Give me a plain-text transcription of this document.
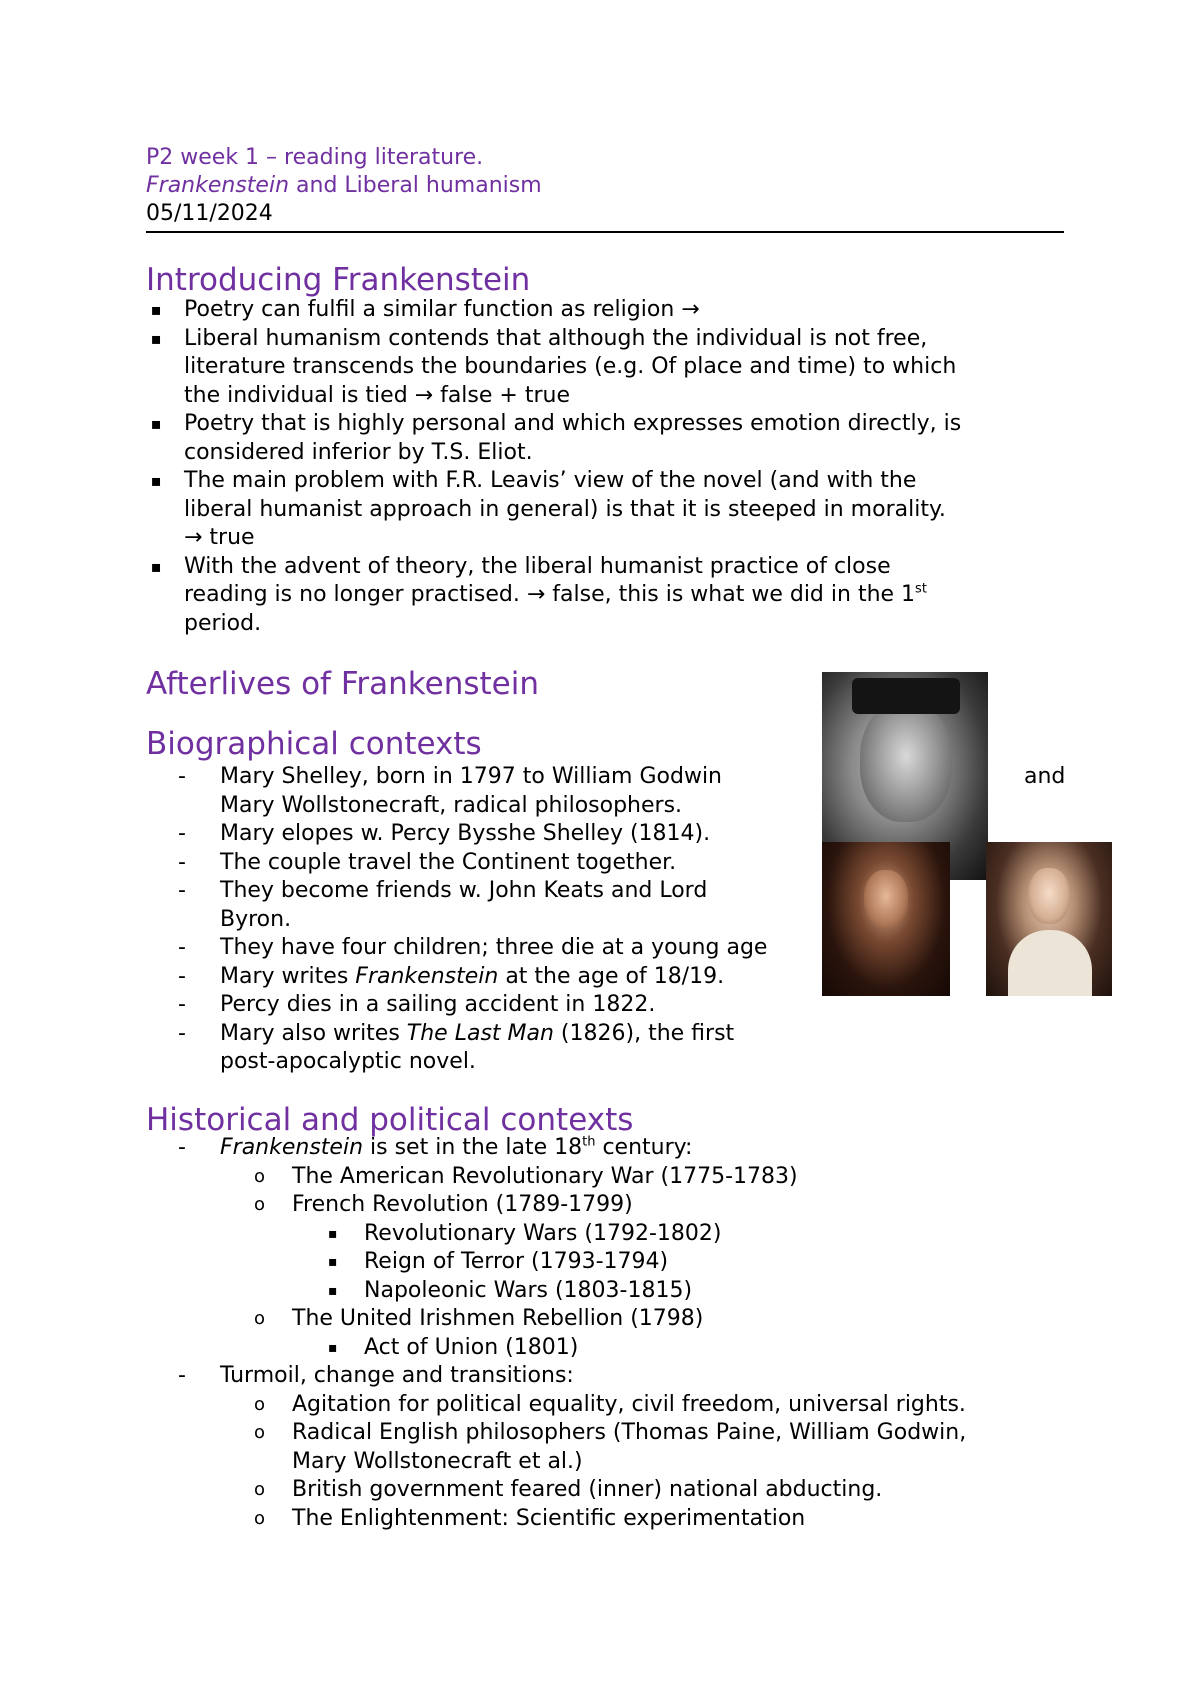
P2 week 1 – reading literature.
Frankenstein and Liberal humanism
05/11/2024
Introducing Frankenstein
▪ Poetry can fulfil a similar function as religion →
▪ Liberal humanism contends that although the individual is not free,
literature transcends the boundaries (e.g. Of place and time) to which
the individual is tied → false + true
▪ Poetry that is highly personal and which expresses emotion directly, is
considered inferior by T.S. Eliot.
▪ The main problem with F.R. Leavis’ view of the novel (and with the
liberal humanist approach in general) is that it is steeped in morality.
→ true
▪ With the advent of theory, the liberal humanist practice of close
reading is no longer practised. → false, this is what we did in the 1st
period.
Afterlives of Frankenstein
Biographical contexts
- Mary Shelley, born in 1797 to William Godwin	and

Mary Wollstonecraft, radical philosophers.
- Mary elopes w. Percy Bysshe Shelley (1814).
- The couple travel the Continent together.
- They become friends w. John Keats and Lord
Byron.
- They have four children; three die at a young age
- Mary writes Frankenstein at the age of 18/19.
- Percy dies in a sailing accident in 1822.
- Mary also writes The Last Man (1826), the first
post-apocalyptic novel.
Historical and political contexts
- Frankenstein is set in the late 18th century:
o The American Revolutionary War (1775-1783)
o French Revolution (1789-1799)
▪ Revolutionary Wars (1792-1802)
▪ Reign of Terror (1793-1794)
▪ Napoleonic Wars (1803-1815)
o The United Irishmen Rebellion (1798)
▪ Act of Union (1801)
- Turmoil, change and transitions:
o Agitation for political equality, civil freedom, universal rights.
o Radical English philosophers (Thomas Paine, William Godwin,
Mary Wollstonecraft et al.)
o British government feared (inner) national abducting.
o The Enlightenment: Scientific experimentation
